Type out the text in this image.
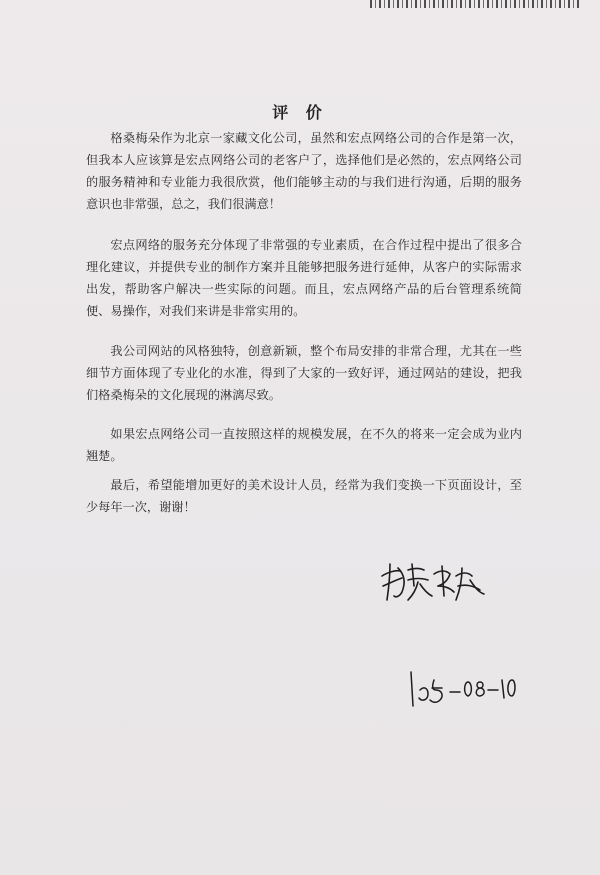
评 价

格桑梅朵作为北京一家藏文化公司，虽然和宏点网络公司的合作是第一次，但我本人应该算是宏点网络公司的老客户了，选择他们是必然的，宏点网络公司的服务精神和专业能力我很欣赏，他们能够主动的与我们进行沟通，后期的服务意识也非常强，总之，我们很满意！

宏点网络的服务充分体现了非常强的专业素质，在合作过程中提出了很多合理化建议，并提供专业的制作方案并且能够把服务进行延伸，从客户的实际需求出发，帮助客户解决一些实际的问题。而且，宏点网络产品的后台管理系统简便、易操作，对我们来讲是非常实用的。

我公司网站的风格独特，创意新颖，整个布局安排的非常合理，尤其在一些细节方面体现了专业化的水准，得到了大家的一致好评，通过网站的建设，把我们格桑梅朵的文化展现的淋漓尽致。

如果宏点网络公司一直按照这样的规模发展，在不久的将来一定会成为业内翘楚。

最后，希望能增加更好的美术设计人员，经常为我们变换一下页面设计，至少每年一次，谢谢！
